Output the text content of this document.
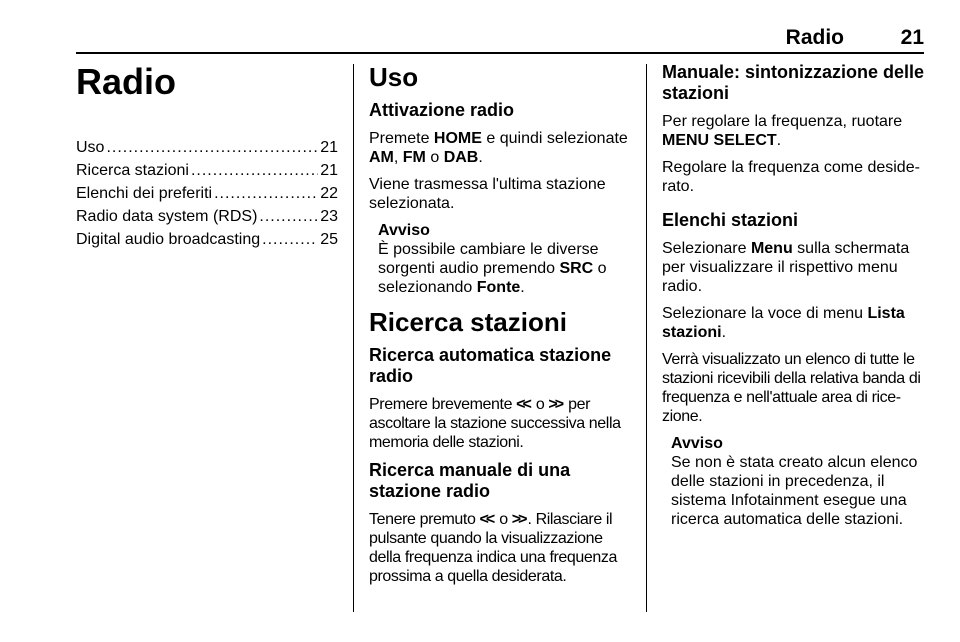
Radio	21
Radio
Uso .....	21
Ricerca stazioni .....	21
Elenchi dei preferiti .....	22
Radio data system (RDS) .....	23
Digital audio broadcasting .....	25
Uso
Attivazione radio

Premete HOME e quindi selezionate AM, FM o DAB.

Viene trasmessa l'ultima stazione selezionata.

Avviso
È possibile cambiare le diverse sorgenti audio premendo SRC o selezionando Fonte.
Ricerca stazioni
Ricerca automatica stazione radio

Premere brevemente << o >> per ascoltare la stazione successiva nella memoria delle stazioni.

Ricerca manuale di una stazione radio

Tenere premuto << o >> . Rilasciare il pulsante quando la visualizzazione della frequenza indica una frequenza prossima a quella desiderata.

Manuale: sintonizzazione delle stazioni

Per regolare la frequenza, ruotare MENU SELECT.

Regolare la frequenza come desiderato.

Elenchi stazioni

Selezionare Menu sulla schermata per visualizzare il rispettivo menu radio.

Selezionare la voce di menu Lista stazioni.

Verrà visualizzato un elenco di tutte le stazioni ricevibili della relativa banda di frequenza e nell'attuale area di ricezione.

Avviso
Se non è stata creato alcun elenco delle stazioni in precedenza, il sistema Infotainment esegue una ricerca automatica delle stazioni.
